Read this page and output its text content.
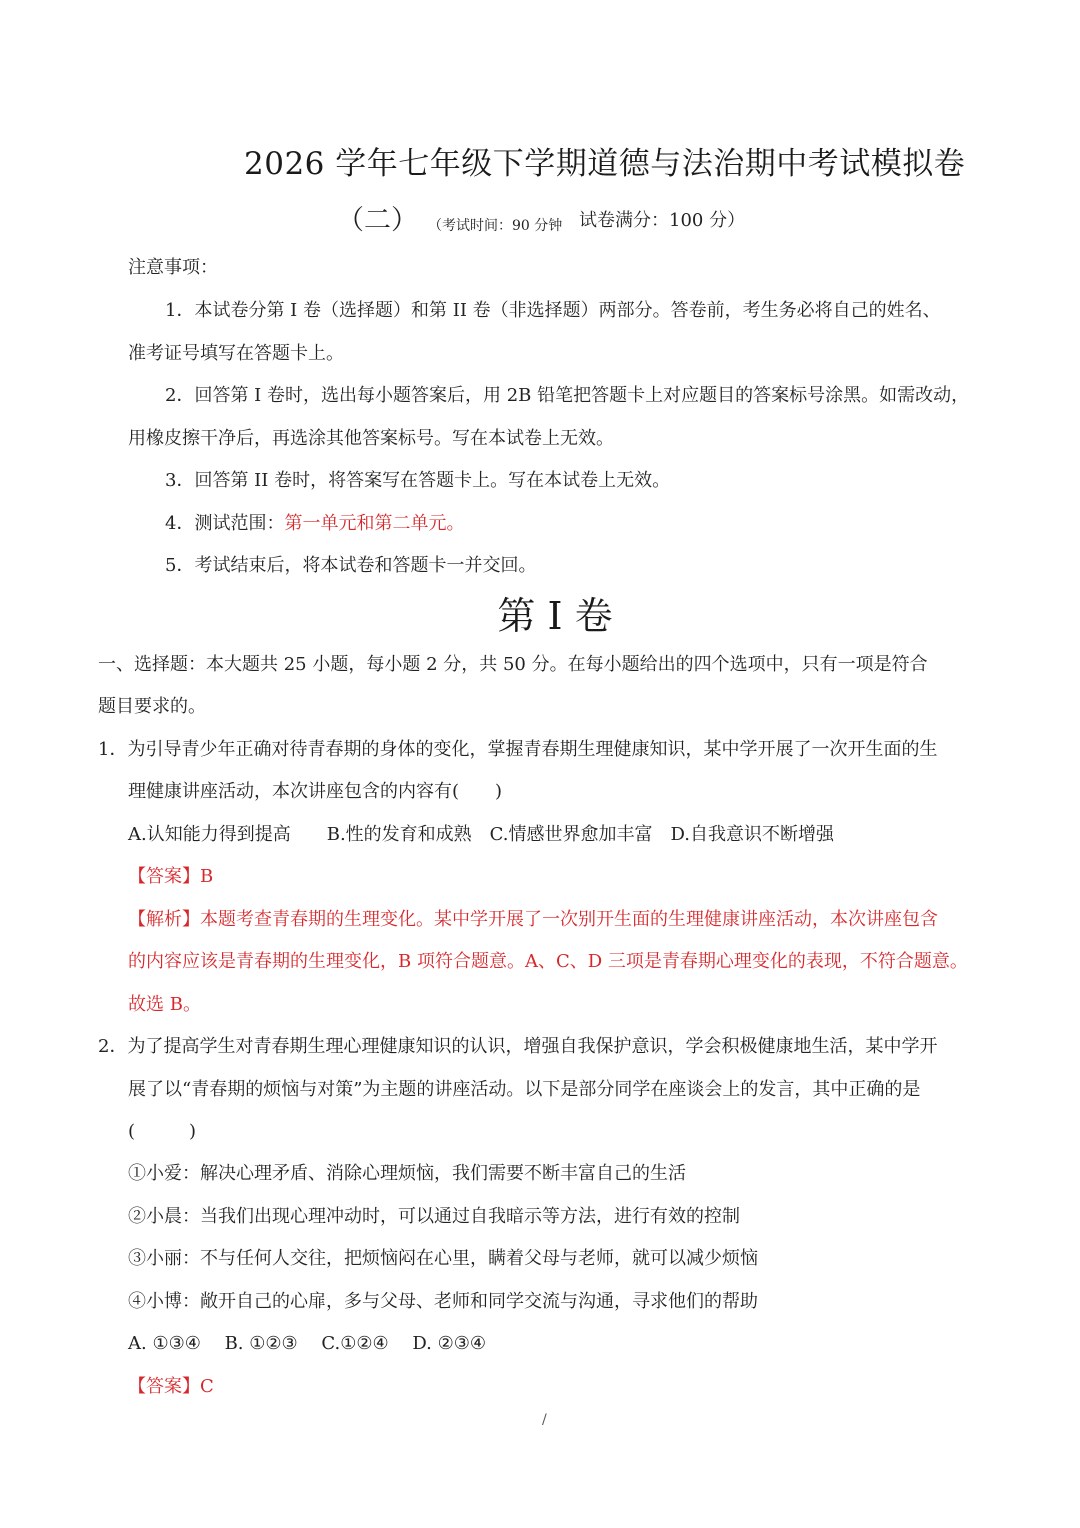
2026 学年七年级下学期道德与法治期中考试模拟卷
（二） （考试时间：90 分钟 试卷满分：100 分）
注意事项：
1．本试卷分第 I 卷（选择题）和第 II 卷（非选择题）两部分。答卷前，考生务必将自己的姓名、
准考证号填写在答题卡上。
2．回答第 I 卷时，选出每小题答案后，用 2B 铅笔把答题卡上对应题目的答案标号涂黑。如需改动，
用橡皮擦干净后，再选涂其他答案标号。写在本试卷上无效。
3．回答第 II 卷时，将答案写在答题卡上。写在本试卷上无效。
4．测试范围：第一单元和第二单元。
5．考试结束后，将本试卷和答题卡一并交回。
第 I 卷
一、选择题：本大题共 25 小题，每小题 2 分，共 50 分。在每小题给出的四个选项中，只有一项是符合
题目要求的。
1．为引导青少年正确对待青春期的身体的变化，掌握青春期生理健康知识，某中学开展了一次开生面的生
理健康讲座活动，本次讲座包含的内容有(　　)
A.认知能力得到提高　　B.性的发育和成熟　C.情感世界愈加丰富　D.自我意识不断增强
【答案】B
【解析】本题考查青春期的生理变化。某中学开展了一次别开生面的生理健康讲座活动，本次讲座包含
的内容应该是青春期的生理变化，B 项符合题意。A、C、D 三项是青春期心理变化的表现，不符合题意。
故选 B。
2．为了提高学生对青春期生理心理健康知识的认识，增强自我保护意识，学会积极健康地生活，某中学开
展了以“青春期的烦恼与对策”为主题的讲座活动。以下是部分同学在座谈会上的发言，其中正确的是
(　　　)
①小爱：解决心理矛盾、消除心理烦恼，我们需要不断丰富自己的生活
②小晨：当我们出现心理冲动时，可以通过自我暗示等方法，进行有效的控制
③小丽：不与任何人交往，把烦恼闷在心里，瞒着父母与老师，就可以减少烦恼
④小博：敞开自己的心扉，多与父母、老师和同学交流与沟通，寻求他们的帮助
A. ①③④　 B. ①②③　 C.①②④　 D. ②③④
【答案】C
/
